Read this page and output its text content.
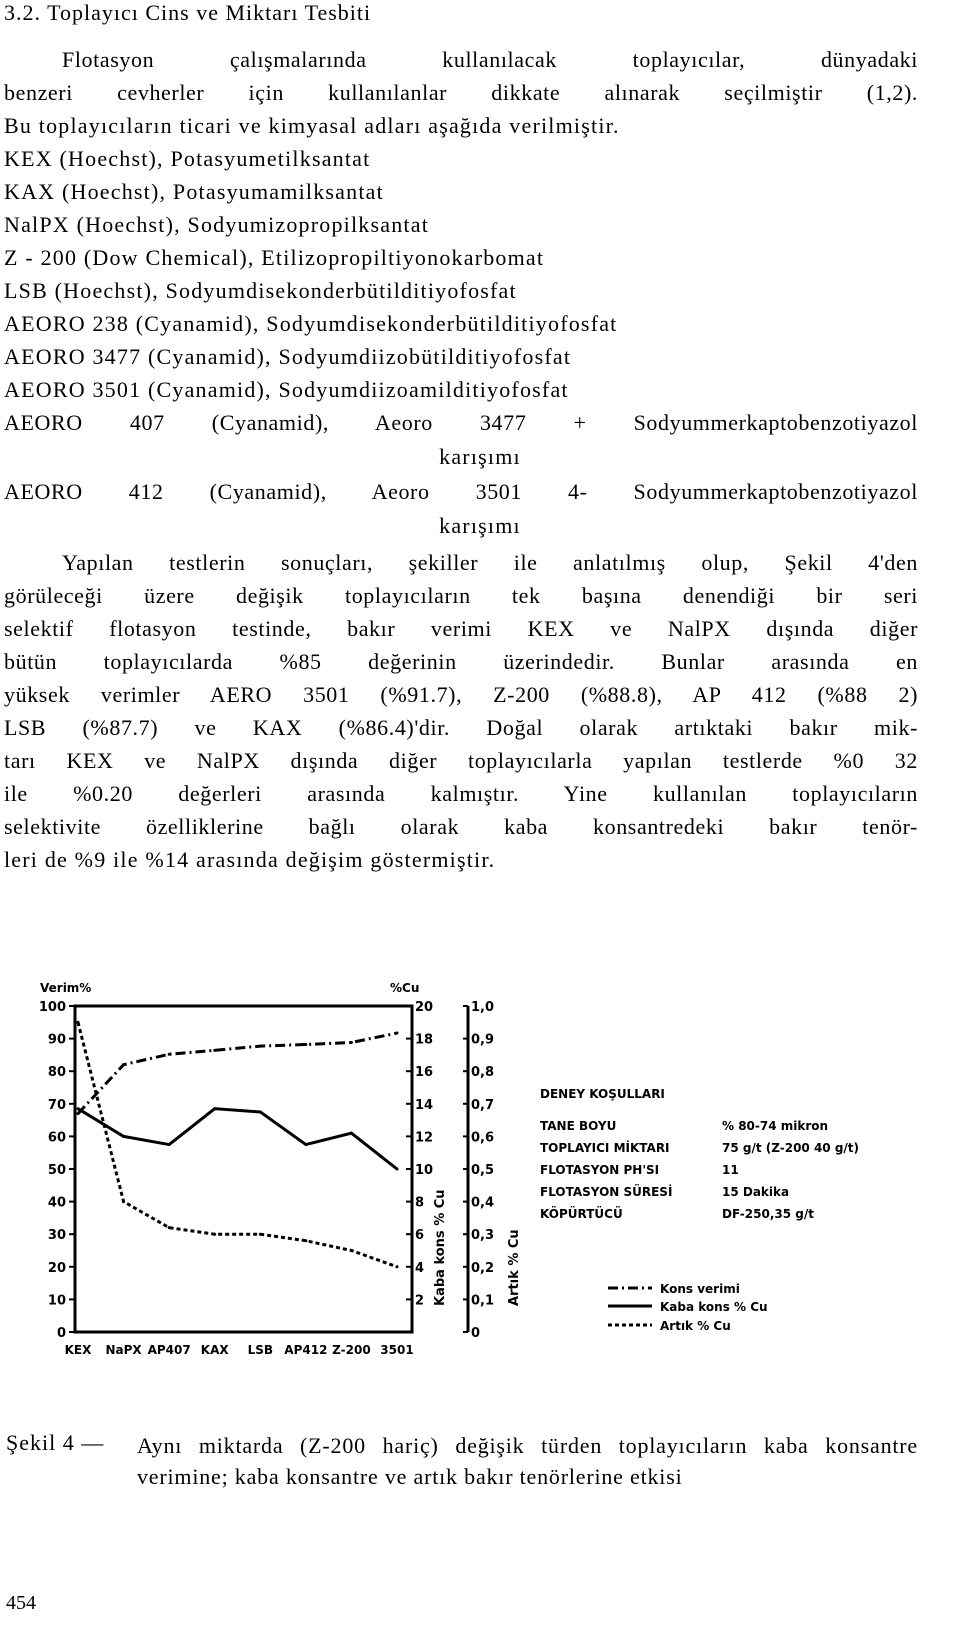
3.2. Toplayıcı Cins ve Miktarı Tesbiti
Flotasyon çalışmalarında kullanılacak toplayıcılar, dünyadaki
benzeri cevherler için kullanılanlar dikkate alınarak seçilmiştir (1,2).
Bu toplayıcıların ticari ve kimyasal adları aşağıda verilmiştir.
KEX (Hoechst), Potasyumetilksantat
KAX (Hoechst), Potasyumamilksantat
NalPX (Hoechst), Sodyumizopropilksantat
Z - 200 (Dow Chemical), Etilizopropiltiyonokarbomat
LSB (Hoechst), Sodyumdisekonderbütilditiyofosfat
AEORO 238 (Cyanamid), Sodyumdisekonderbütilditiyofosfat
AEORO 3477 (Cyanamid), Sodyumdiizobütilditiyofosfat
AEORO 3501 (Cyanamid), Sodyumdiizoamilditiyofosfat
AEORO 407 (Cyanamid), Aeoro 3477 + Sodyummerkaptobenzotiyazol
karışımı
AEORO 412 (Cyanamid), Aeoro 3501 4- Sodyummerkaptobenzotiyazol
karışımı
Yapılan testlerin sonuçları, şekiller ile anlatılmış olup, Şekil 4'den
görüleceği üzere değişik toplayıcıların tek başına denendiği bir seri
selektif flotasyon testinde, bakır verimi KEX ve NalPX dışında diğer
bütün toplayıcılarda %85 değerinin üzerindedir. Bunlar arasında en
yüksek verimler AERO 3501 (%91.7), Z-200 (%88.8), AP 412 (%88 2)
LSB (%87.7) ve KAX (%86.4)'dir. Doğal olarak artıktaki bakır mik-
tarı KEX ve NalPX dışında diğer toplayıcılarla yapılan testlerde %0 32
ile %0.20 değerleri arasında kalmıştır. Yine kullanılan toplayıcıların
selektivite özelliklerine bağlı olarak kaba konsantredeki bakır tenör-
leri de %9 ile %14 arasında değişim göstermiştir.
0
10
20
30
40
50
60
70
80
90
100
Verim%
2
4
6
8
10
12
14
16
18
20
%Cu
Kaba kons % Cu
0
0,1
0,2
0,3
0,4
0,5
0,6
0,7
0,8
0,9
1,0
Artık % Cu
KEX NaPX AP407 KAX LSB AP412 Z-200 3501
DENEY KOŞULLARI
TANE BOYU	% 80-74 mikron
TOPLAYICI MİKTARI	75 g/t (Z-200 40 g/t)
FLOTASYON PH'SI	11
FLOTASYON SÜRESİ	15 Dakika
KÖPÜRTÜCÜ	DF-250,35 g/t
Kons verimi
Kaba kons % Cu
Artık % Cu
Şekil 4 — Aynı miktarda (Z-200 hariç) değişik türden toplayıcıların kaba konsantre verimine; kaba konsantre ve artık bakır tenörlerine etkisi
454
